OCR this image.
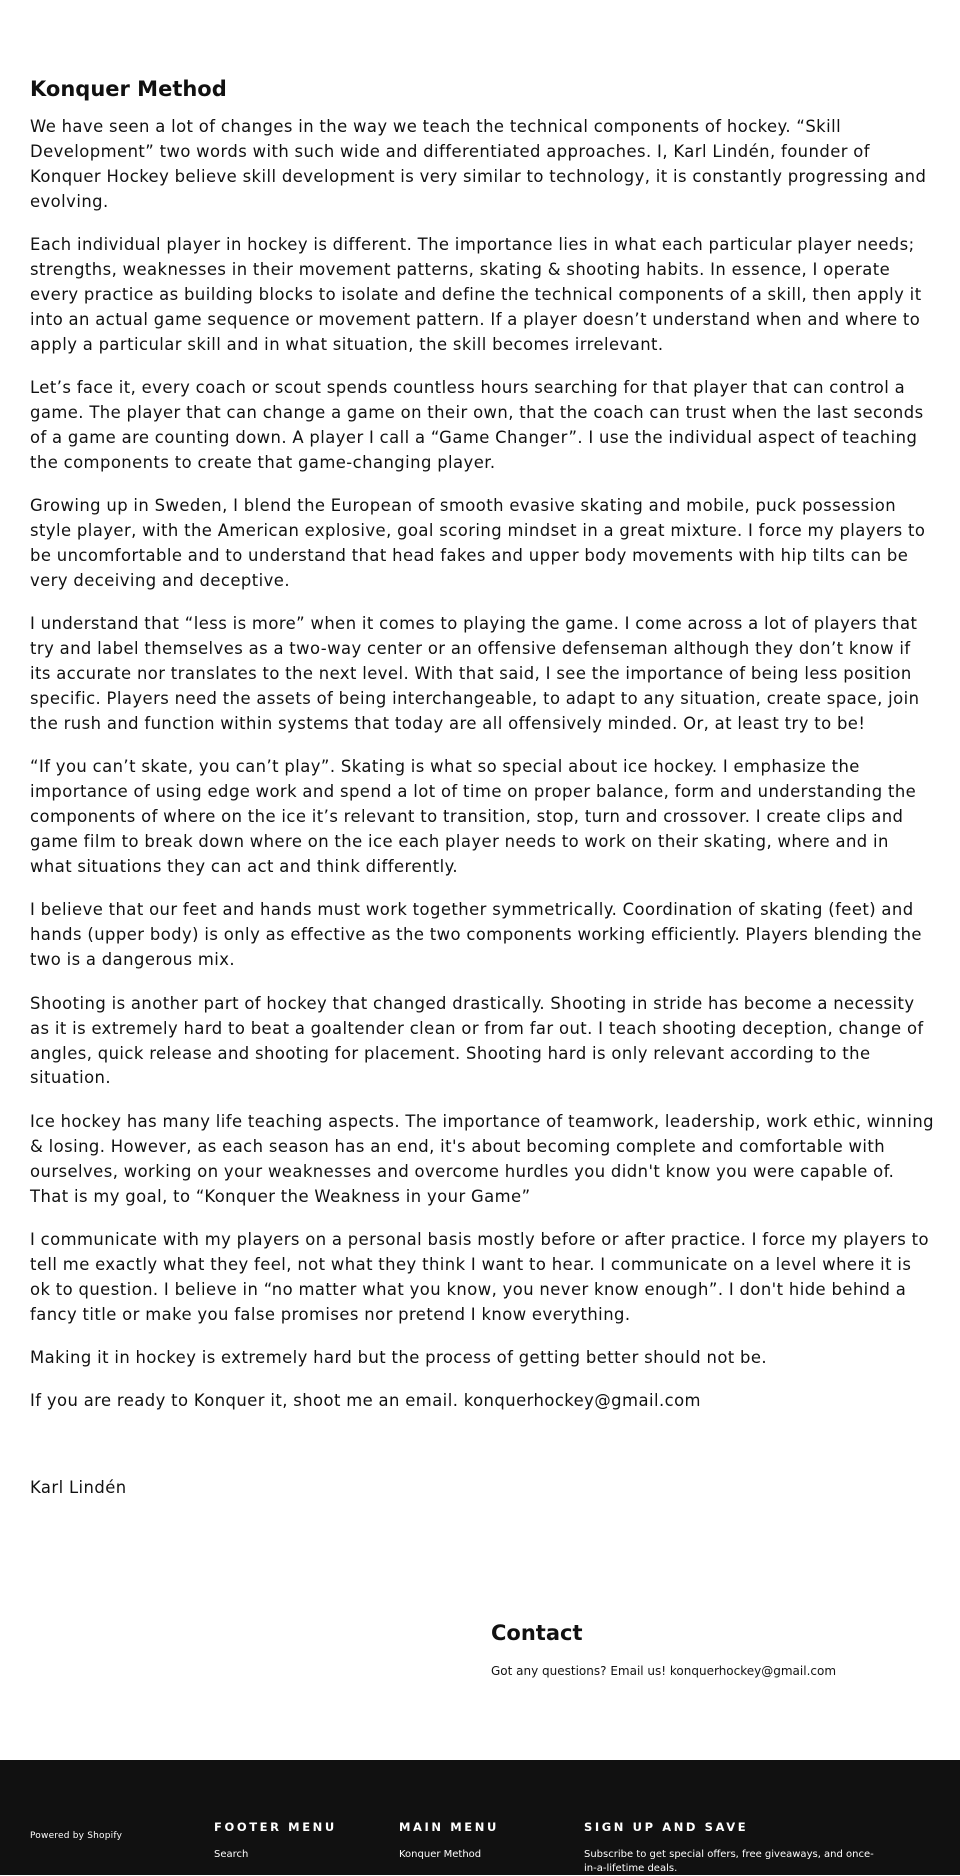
Konquer Method

We have seen a lot of changes in the way we teach the technical components of hockey. “Skill Development” two words with such wide and differentiated approaches. I, Karl Lindén, founder of Konquer Hockey believe skill development is very similar to technology, it is constantly progressing and evolving.

Each individual player in hockey is different. The importance lies in what each particular player needs; strengths, weaknesses in their movement patterns, skating & shooting habits. In essence, I operate every practice as building blocks to isolate and define the technical components of a skill, then apply it into an actual game sequence or movement pattern. If a player doesn’t understand when and where to apply a particular skill and in what situation, the skill becomes irrelevant.

Let’s face it, every coach or scout spends countless hours searching for that player that can control a game. The player that can change a game on their own, that the coach can trust when the last seconds of a game are counting down. A player I call a “Game Changer”. I use the individual aspect of teaching the components to create that game-changing player.

Growing up in Sweden, I blend the European of smooth evasive skating and mobile, puck possession style player, with the American explosive, goal scoring mindset in a great mixture. I force my players to be uncomfortable and to understand that head fakes and upper body movements with hip tilts can be very deceiving and deceptive.

I understand that “less is more” when it comes to playing the game. I come across a lot of players that try and label themselves as a two-way center or an offensive defenseman although they don’t know if its accurate nor translates to the next level. With that said, I see the importance of being less position specific. Players need the assets of being interchangeable, to adapt to any situation, create space, join the rush and function within systems that today are all offensively minded. Or, at least try to be!

“If you can’t skate, you can’t play”. Skating is what so special about ice hockey. I emphasize the importance of using edge work and spend a lot of time on proper balance, form and understanding the components of where on the ice it’s relevant to transition, stop, turn and crossover. I create clips and game film to break down where on the ice each player needs to work on their skating, where and in what situations they can act and think differently.

I believe that our feet and hands must work together symmetrically. Coordination of skating (feet) and hands (upper body) is only as effective as the two components working efficiently. Players blending the two is a dangerous mix.

Shooting is another part of hockey that changed drastically. Shooting in stride has become a necessity as it is extremely hard to beat a goaltender clean or from far out. I teach shooting deception, change of angles, quick release and shooting for placement. Shooting hard is only relevant according to the situation.

Ice hockey has many life teaching aspects. The importance of teamwork, leadership, work ethic, winning & losing. However, as each season has an end, it's about becoming complete and comfortable with ourselves, working on your weaknesses and overcome hurdles you didn't know you were capable of. That is my goal, to “Konquer the Weakness in your Game”

I communicate with my players on a personal basis mostly before or after practice. I force my players to tell me exactly what they feel, not what they think I want to hear. I communicate on a level where it is ok to question. I believe in “no matter what you know, you never know enough”. I don't hide behind a fancy title or make you false promises nor pretend I know everything.

Making it in hockey is extremely hard but the process of getting better should not be.

If you are ready to Konquer it, shoot me an email. konquerhockey@gmail.com

Karl Lindén

Contact

Got any questions? Email us! konquerhockey@gmail.com

Powered by Shopify
FOOTER MENU
Search
MAIN MENU
Konquer Method
SIGN UP AND SAVE
Subscribe to get special offers, free giveaways, and once-in-a-lifetime deals.
